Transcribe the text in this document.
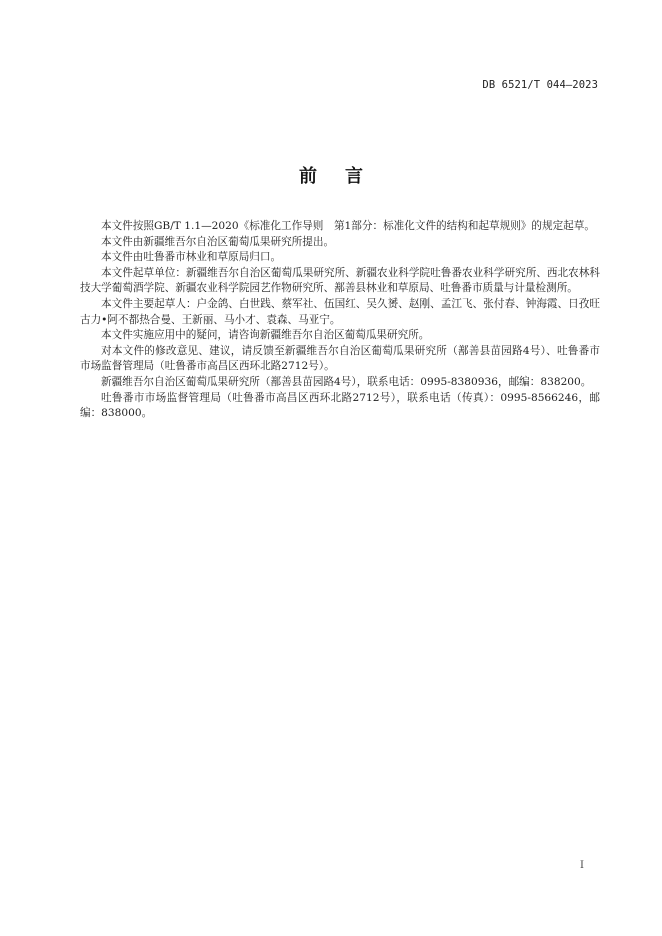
DB 6521/T 044—2023
前言

本文件按照GB/T 1.1—2020《标准化工作导则　第1部分：标准化文件的结构和起草规则》的规定起草。

本文件由新疆维吾尔自治区葡萄瓜果研究所提出。

本文件由吐鲁番市林业和草原局归口。

本文件起草单位：新疆维吾尔自治区葡萄瓜果研究所、新疆农业科学院吐鲁番农业科学研究所、西北农林科技大学葡萄酒学院、新疆农业科学院园艺作物研究所、鄯善县林业和草原局、吐鲁番市质量与计量检测所。

本文件主要起草人：户金鸽、白世践、蔡军社、伍国红、吴久赟、赵刚、孟江飞、张付春、钟海霞、日孜旺古力•阿不都热合曼、王新丽、马小才、袁森、马亚宁。

本文件实施应用中的疑问，请咨询新疆维吾尔自治区葡萄瓜果研究所。

对本文件的修改意见、建议，请反馈至新疆维吾尔自治区葡萄瓜果研究所（鄯善县苗园路4号）、吐鲁番市市场监督管理局（吐鲁番市高昌区西环北路2712号）。

新疆维吾尔自治区葡萄瓜果研究所（鄯善县苗园路4号），联系电话：0995-8380936，邮编：838200。

吐鲁番市市场监督管理局（吐鲁番市高昌区西环北路2712号），联系电话（传真）：0995-8566246，邮编：838000。

I
